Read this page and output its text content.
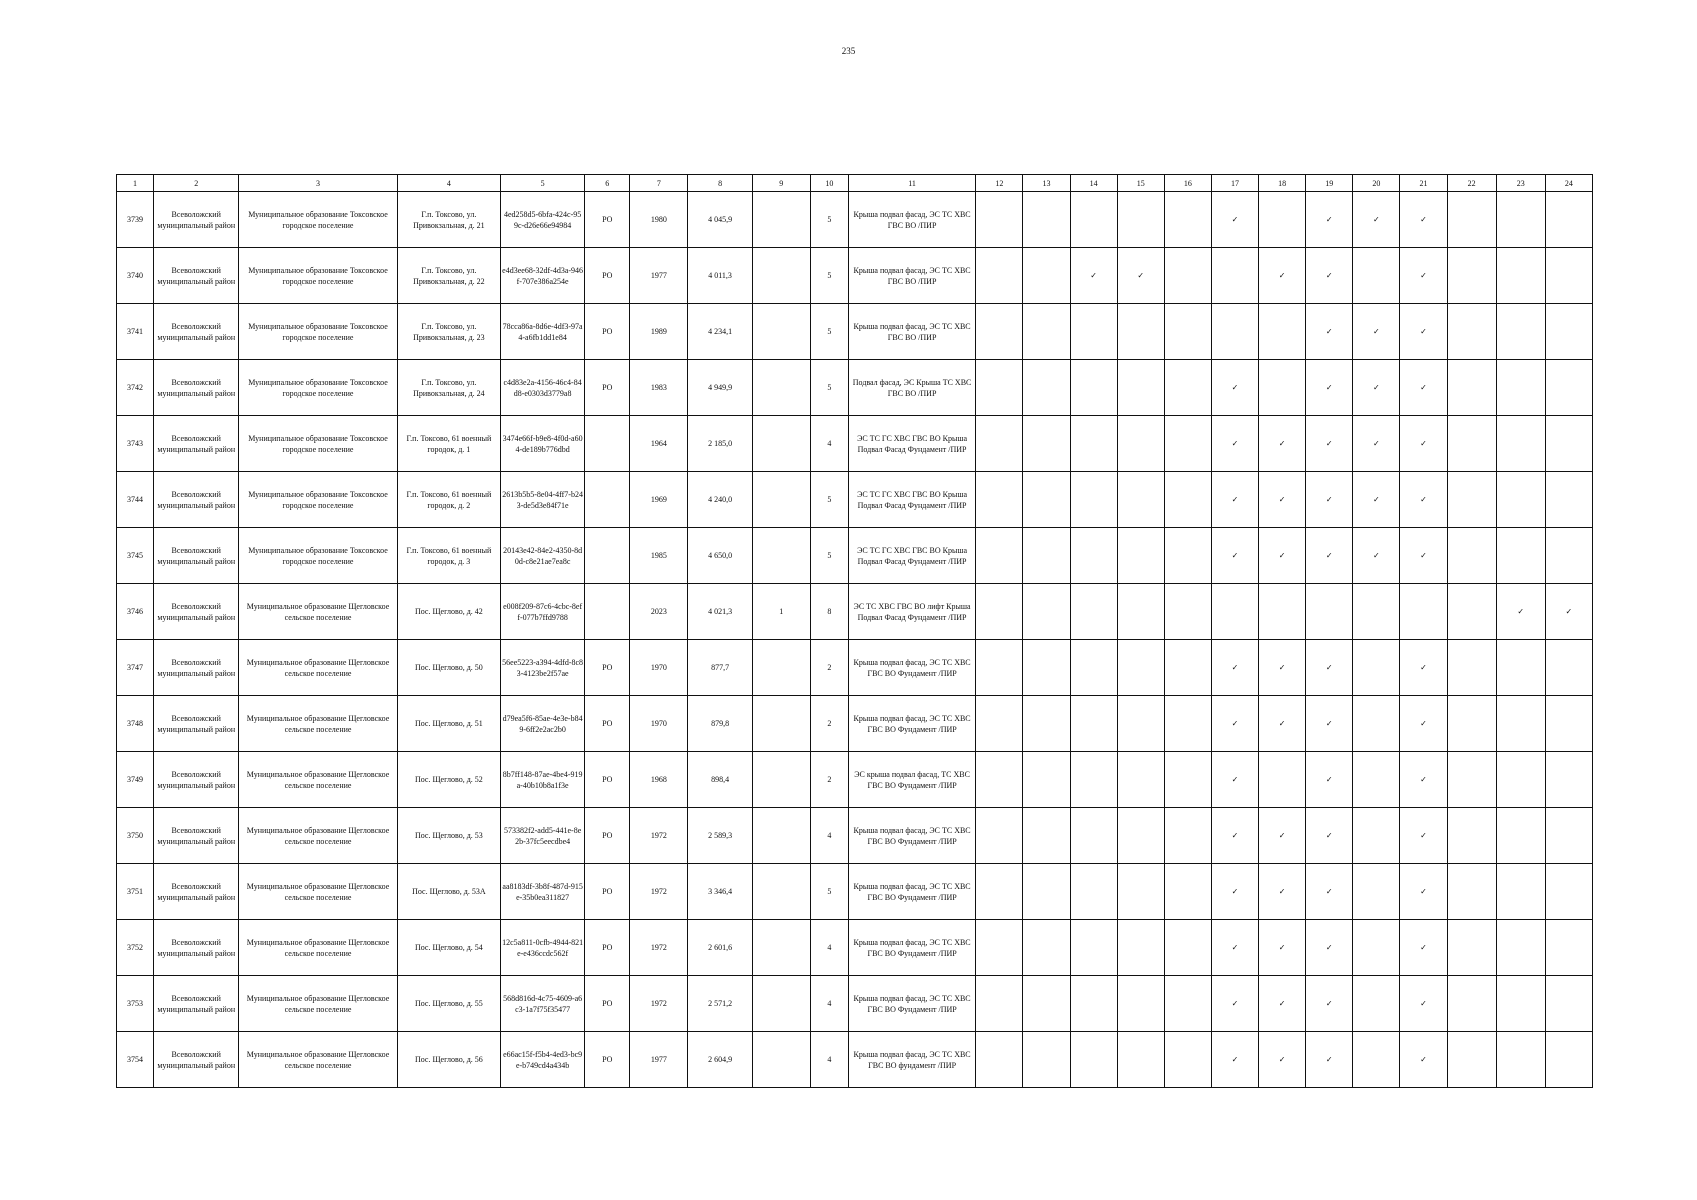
235
1	2	3	4	5	6	7	8	9	10	11	12	13	14	15	16	17	18	19	20	21	22	23	24
3739	Всеволожский муниципальный район	Муниципальное образование Токсовское городское поселение	Г.п. Токсово, ул. Привокзальная, д. 21	4ed258d5-6bfa-424c-959c-d26e66e94984	РО	1980	4 045,9		5	Крыша подвал фасад, ЭС ТС ХВС ГВС ВО /ПИР						✓		✓	✓	✓			
3740	Всеволожский муниципальный район	Муниципальное образование Токсовское городское поселение	Г.п. Токсово, ул. Привокзальная, д. 22	e4d3ee68-32df-4d3a-946f-707e386a254e	РО	1977	4 011,3		5	Крыша подвал фасад, ЭС ТС ХВС ГВС ВО /ПИР			✓	✓			✓	✓		✓			
3741	Всеволожский муниципальный район	Муниципальное образование Токсовское городское поселение	Г.п. Токсово, ул. Привокзальная, д. 23	78cca86a-8d6e-4df3-97a4-a6fb1dd1e84	РО	1989	4 234,1		5	Крыша подвал фасад, ЭС ТС ХВС ГВС ВО /ПИР								✓	✓	✓			
3742	Всеволожский муниципальный район	Муниципальное образование Токсовское городское поселение	Г.п. Токсово, ул. Привокзальная, д. 24	c4d83e2a-4156-46c4-84d8-e0303d3779a8	РО	1983	4 949,9		5	Подвал фасад, ЭС Крыша ТС ХВС ГВС ВО /ПИР						✓		✓	✓	✓			
3743	Всеволожский муниципальный район	Муниципальное образование Токсовское городское поселение	Г.п. Токсово, 61 военный городок, д. 1	3474e66f-b9e8-4f0d-a604-de189b776dbd		1964	2 185,0		4	ЭС ТС ГС ХВС ГВС ВО Крыша Подвал Фасад Фундамент /ПИР						✓	✓	✓	✓	✓			
3744	Всеволожский муниципальный район	Муниципальное образование Токсовское городское поселение	Г.п. Токсово, 61 военный городок, д. 2	2613b5b5-8e04-4ff7-b243-de5d3e84f71e		1969	4 240,0		5	ЭС ТС ГС ХВС ГВС ВО Крыша Подвал Фасад Фундамент /ПИР						✓	✓	✓	✓	✓			
3745	Всеволожский муниципальный район	Муниципальное образование Токсовское городское поселение	Г.п. Токсово, 61 военный городок, д. 3	20143e42-84e2-4350-8d0d-c8e21ae7ea8c		1985	4 650,0		5	ЭС ТС ГС ХВС ГВС ВО Крыша Подвал Фасад Фундамент /ПИР						✓	✓	✓	✓	✓			
3746	Всеволожский муниципальный район	Муниципальное образование Щегловское сельское поселение	Пос. Щеглово, д. 42	e008f209-87c6-4cbc-8eff-077b7ffd9788		2023	4 021,3	1	8	ЭС ТС ХВС ГВС ВО лифт Крыша Подвал Фасад Фундамент /ПИР												✓	✓
3747	Всеволожский муниципальный район	Муниципальное образование Щегловское сельское поселение	Пос. Щеглово, д. 50	56ee5223-a394-4dfd-8c83-4123be2f57ae	РО	1970	877,7		2	Крыша подвал фасад, ЭС ТС ХВС ГВС ВО Фундамент /ПИР						✓	✓	✓		✓			
3748	Всеволожский муниципальный район	Муниципальное образование Щегловское сельское поселение	Пос. Щеглово, д. 51	d79ea5f6-85ae-4e3e-b849-6ff2e2ac2b0	РО	1970	879,8		2	Крыша подвал фасад, ЭС ТС ХВС ГВС ВО Фундамент /ПИР						✓	✓	✓		✓			
3749	Всеволожский муниципальный район	Муниципальное образование Щегловское сельское поселение	Пос. Щеглово, д. 52	8b7ff148-87ae-4be4-919a-40b10b8a1f3e	РО	1968	898,4		2	ЭС крыша подвал фасад, ТС ХВС ГВС ВО Фундамент /ПИР						✓		✓		✓			
3750	Всеволожский муниципальный район	Муниципальное образование Щегловское сельское поселение	Пос. Щеглово, д. 53	573382f2-add5-441e-8e2b-37fc5eecdbe4	РО	1972	2 589,3		4	Крыша подвал фасад, ЭС ТС ХВС ГВС ВО Фундамент /ПИР						✓	✓	✓		✓			
3751	Всеволожский муниципальный район	Муниципальное образование Щегловское сельское поселение	Пос. Щеглово, д. 53А	aa8183df-3b8f-487d-915e-35b0ea311827	РО	1972	3 346,4		5	Крыша подвал фасад, ЭС ТС ХВС ГВС ВО Фундамент /ПИР						✓	✓	✓		✓			
3752	Всеволожский муниципальный район	Муниципальное образование Щегловское сельское поселение	Пос. Щеглово, д. 54	12c5a811-0cfb-4944-821e-e436ccdc562f	РО	1972	2 601,6		4	Крыша подвал фасад, ЭС ТС ХВС ГВС ВО Фундамент /ПИР						✓	✓	✓		✓			
3753	Всеволожский муниципальный район	Муниципальное образование Щегловское сельское поселение	Пос. Щеглово, д. 55	568d816d-4c75-4609-a6c3-1a7f75f35477	РО	1972	2 571,2		4	Крыша подвал фасад, ЭС ТС ХВС ГВС ВО Фундамент /ПИР						✓	✓	✓		✓			
3754	Всеволожский муниципальный район	Муниципальное образование Щегловское сельское поселение	Пос. Щеглово, д. 56	e66ac15f-f5b4-4ed3-bc9e-b749cd4a434b	РО	1977	2 604,9		4	Крыша подвал фасад, ЭС ТС ХВС ГВС ВО фундамент /ПИР						✓	✓	✓		✓			
